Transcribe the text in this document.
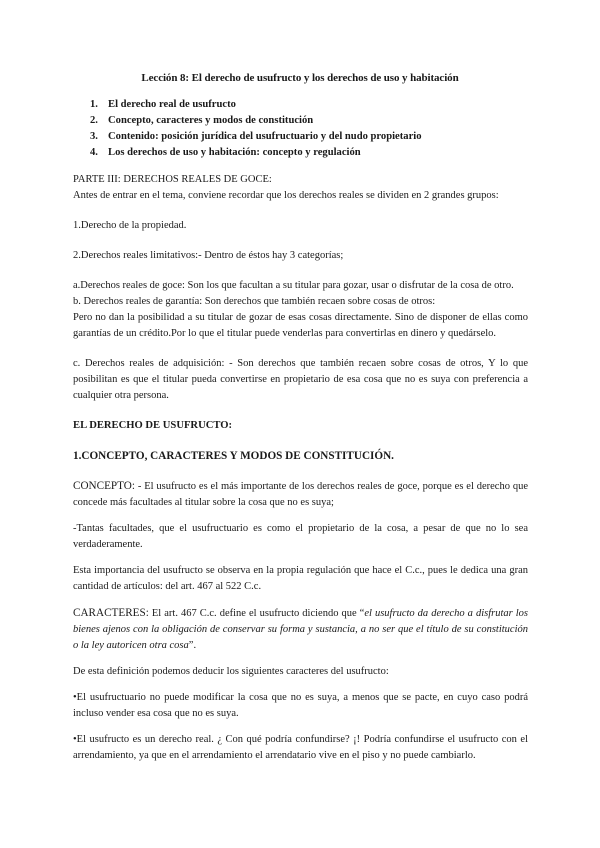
Lección 8: El derecho de usufructo y los derechos de uso y habitación
1. El derecho real de usufructo
2. Concepto, caracteres y modos de constitución
3. Contenido: posición jurídica del usufructuario y del nudo propietario
4. Los derechos de uso y habitación: concepto y regulación

PARTE III: DERECHOS REALES DE GOCE:

Antes de entrar en el tema, conviene recordar que los derechos reales se dividen en 2 grandes grupos:

1.Derecho de la propiedad.

2.Derechos reales limitativos:- Dentro de éstos hay 3 categorías;

a.Derechos reales de goce: Son los que facultan a su titular para gozar, usar o disfrutar de la cosa de otro.

b. Derechos reales de garantía: Son derechos que también recaen sobre cosas de otros:

Pero no dan la posibilidad a su titular de gozar de esas cosas directamente. Sino de disponer de ellas como garantías de un crédito.Por lo que el titular puede venderlas para convertirlas en dinero y quedárselo.

c. Derechos reales de adquisición: - Son derechos que también recaen sobre cosas de otros, Y lo que posibilitan es que el titular pueda convertirse en propietario de esa cosa que no es suya con preferencia a cualquier otra persona.

EL DERECHO DE USUFRUCTO:

1.CONCEPTO, CARACTERES Y MODOS DE CONSTITUCIÓN.

CONCEPTO: - El usufructo es el más importante de los derechos reales de goce, porque es el derecho que concede más facultades al titular sobre la cosa que no es suya;

-Tantas facultades, que el usufructuario es como el propietario de la cosa, a pesar de que no lo sea verdaderamente.

Esta importancia del usufructo se observa en la propia regulación que hace el C.c., pues le dedica una gran cantidad de artículos: del art. 467 al 522 C.c.

CARACTERES: El art. 467 C.c. define el usufructo diciendo que “el usufructo da derecho a disfrutar los bienes ajenos con la obligación de conservar su forma y sustancia, a no ser que el título de su constitución o la ley autoricen otra cosa”.

De esta definición podemos deducir los siguientes caracteres del usufructo:

•El usufructuario no puede modificar la cosa que no es suya, a menos que se pacte, en cuyo caso podrá incluso vender esa cosa que no es suya.

•El usufructo es un derecho real. ¿ Con qué podría confundirse? ¡! Podría confundirse el usufructo con el arrendamiento, ya que en el arrendamiento el arrendatario vive en el piso y no puede cambiarlo.
